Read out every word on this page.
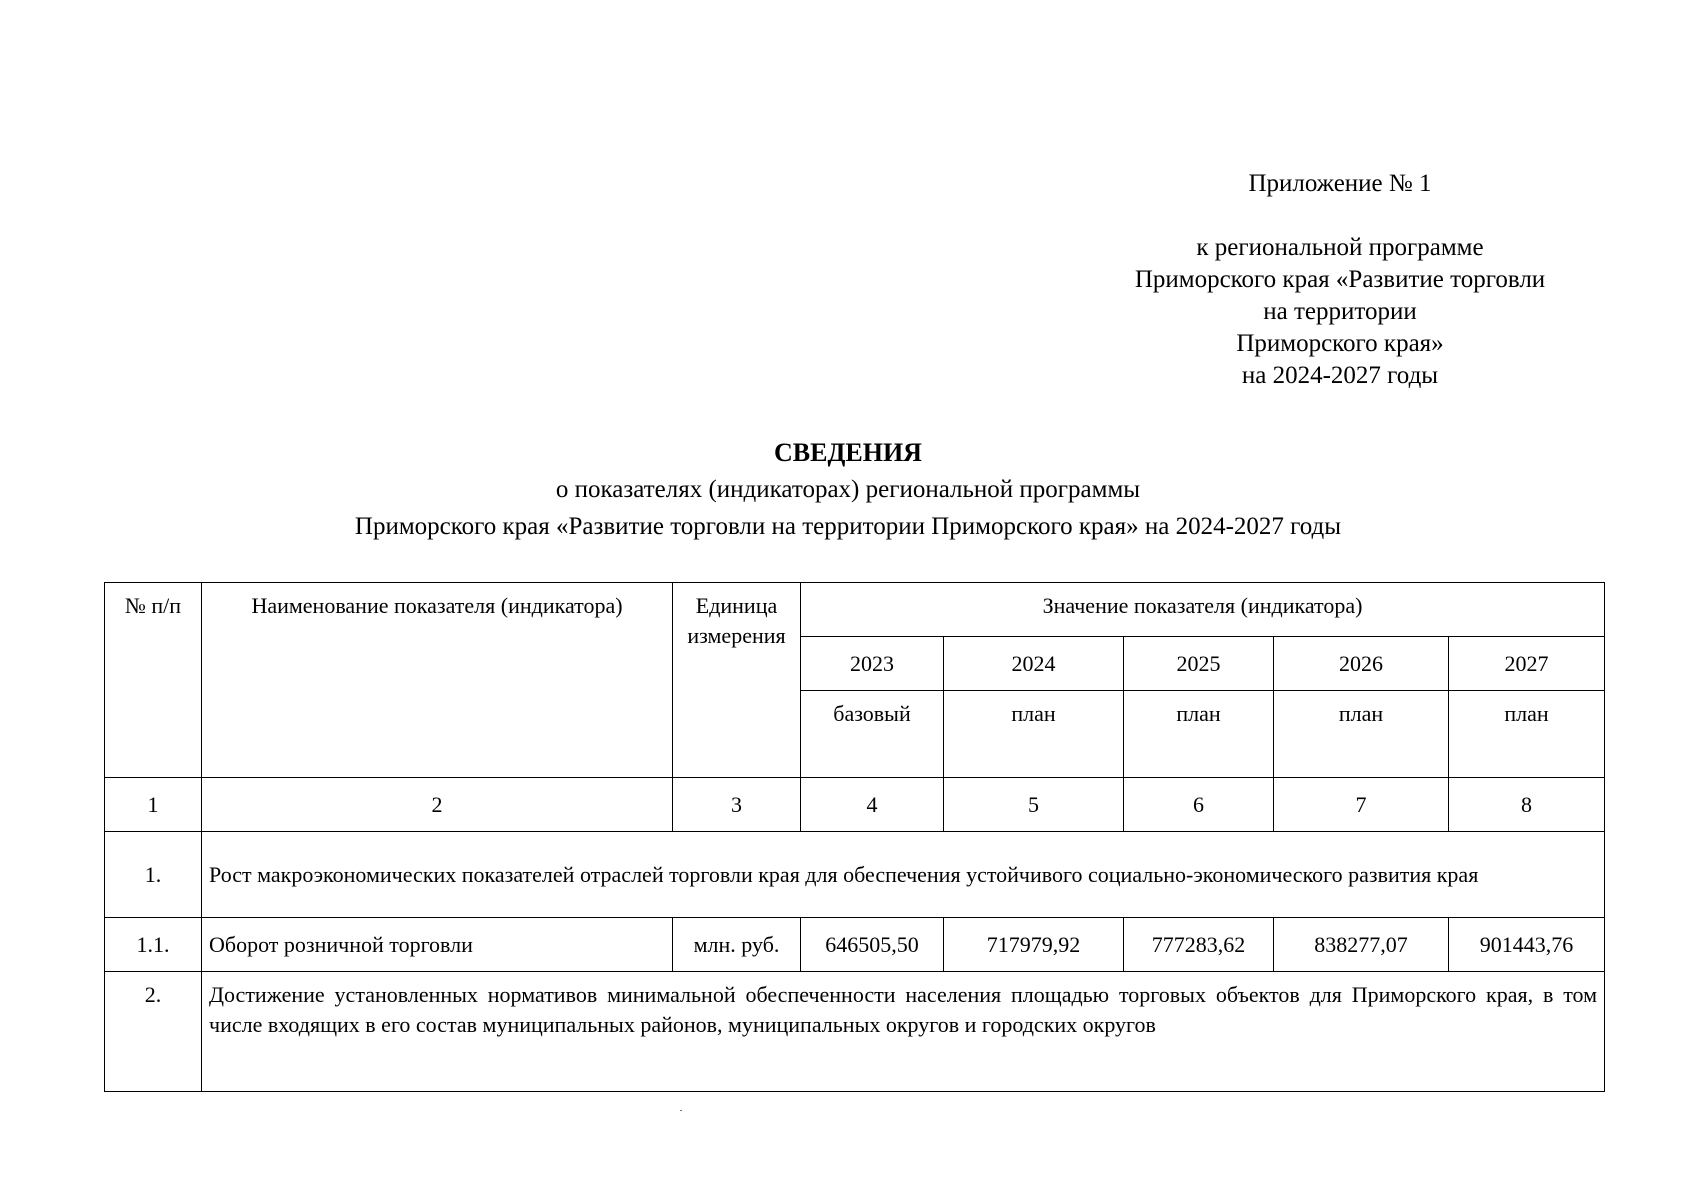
Приложение № 1
к региональной программе
Приморского края «Развитие торговли
на территории
Приморского края»
на 2024-2027 годы
СВЕДЕНИЯ
о показателях (индикаторах) региональной программы
Приморского края «Развитие торговли на территории Приморского края» на 2024-2027 годы
№ п/п	Наименование показателя (индикатора)	Единица измерения	Значение показателя (индикатора)				
			2023	2024	2025	2026	2027
			базовый	план	план	план	план
1	2	3	4	5	6	7	8
1.	Рост макроэкономических показателей отраслей торговли края для обеспечения устойчивого социально-экономического развития края						
1.1.	Оборот розничной торговли	млн. руб.	646505,50	717979,92	777283,62	838277,07	901443,76
2.	Достижение установленных нормативов минимальной обеспеченности населения площадью торговых объектов для Приморского края, в том числе входящих в его состав муниципальных районов, муниципальных округов и городских округов						
